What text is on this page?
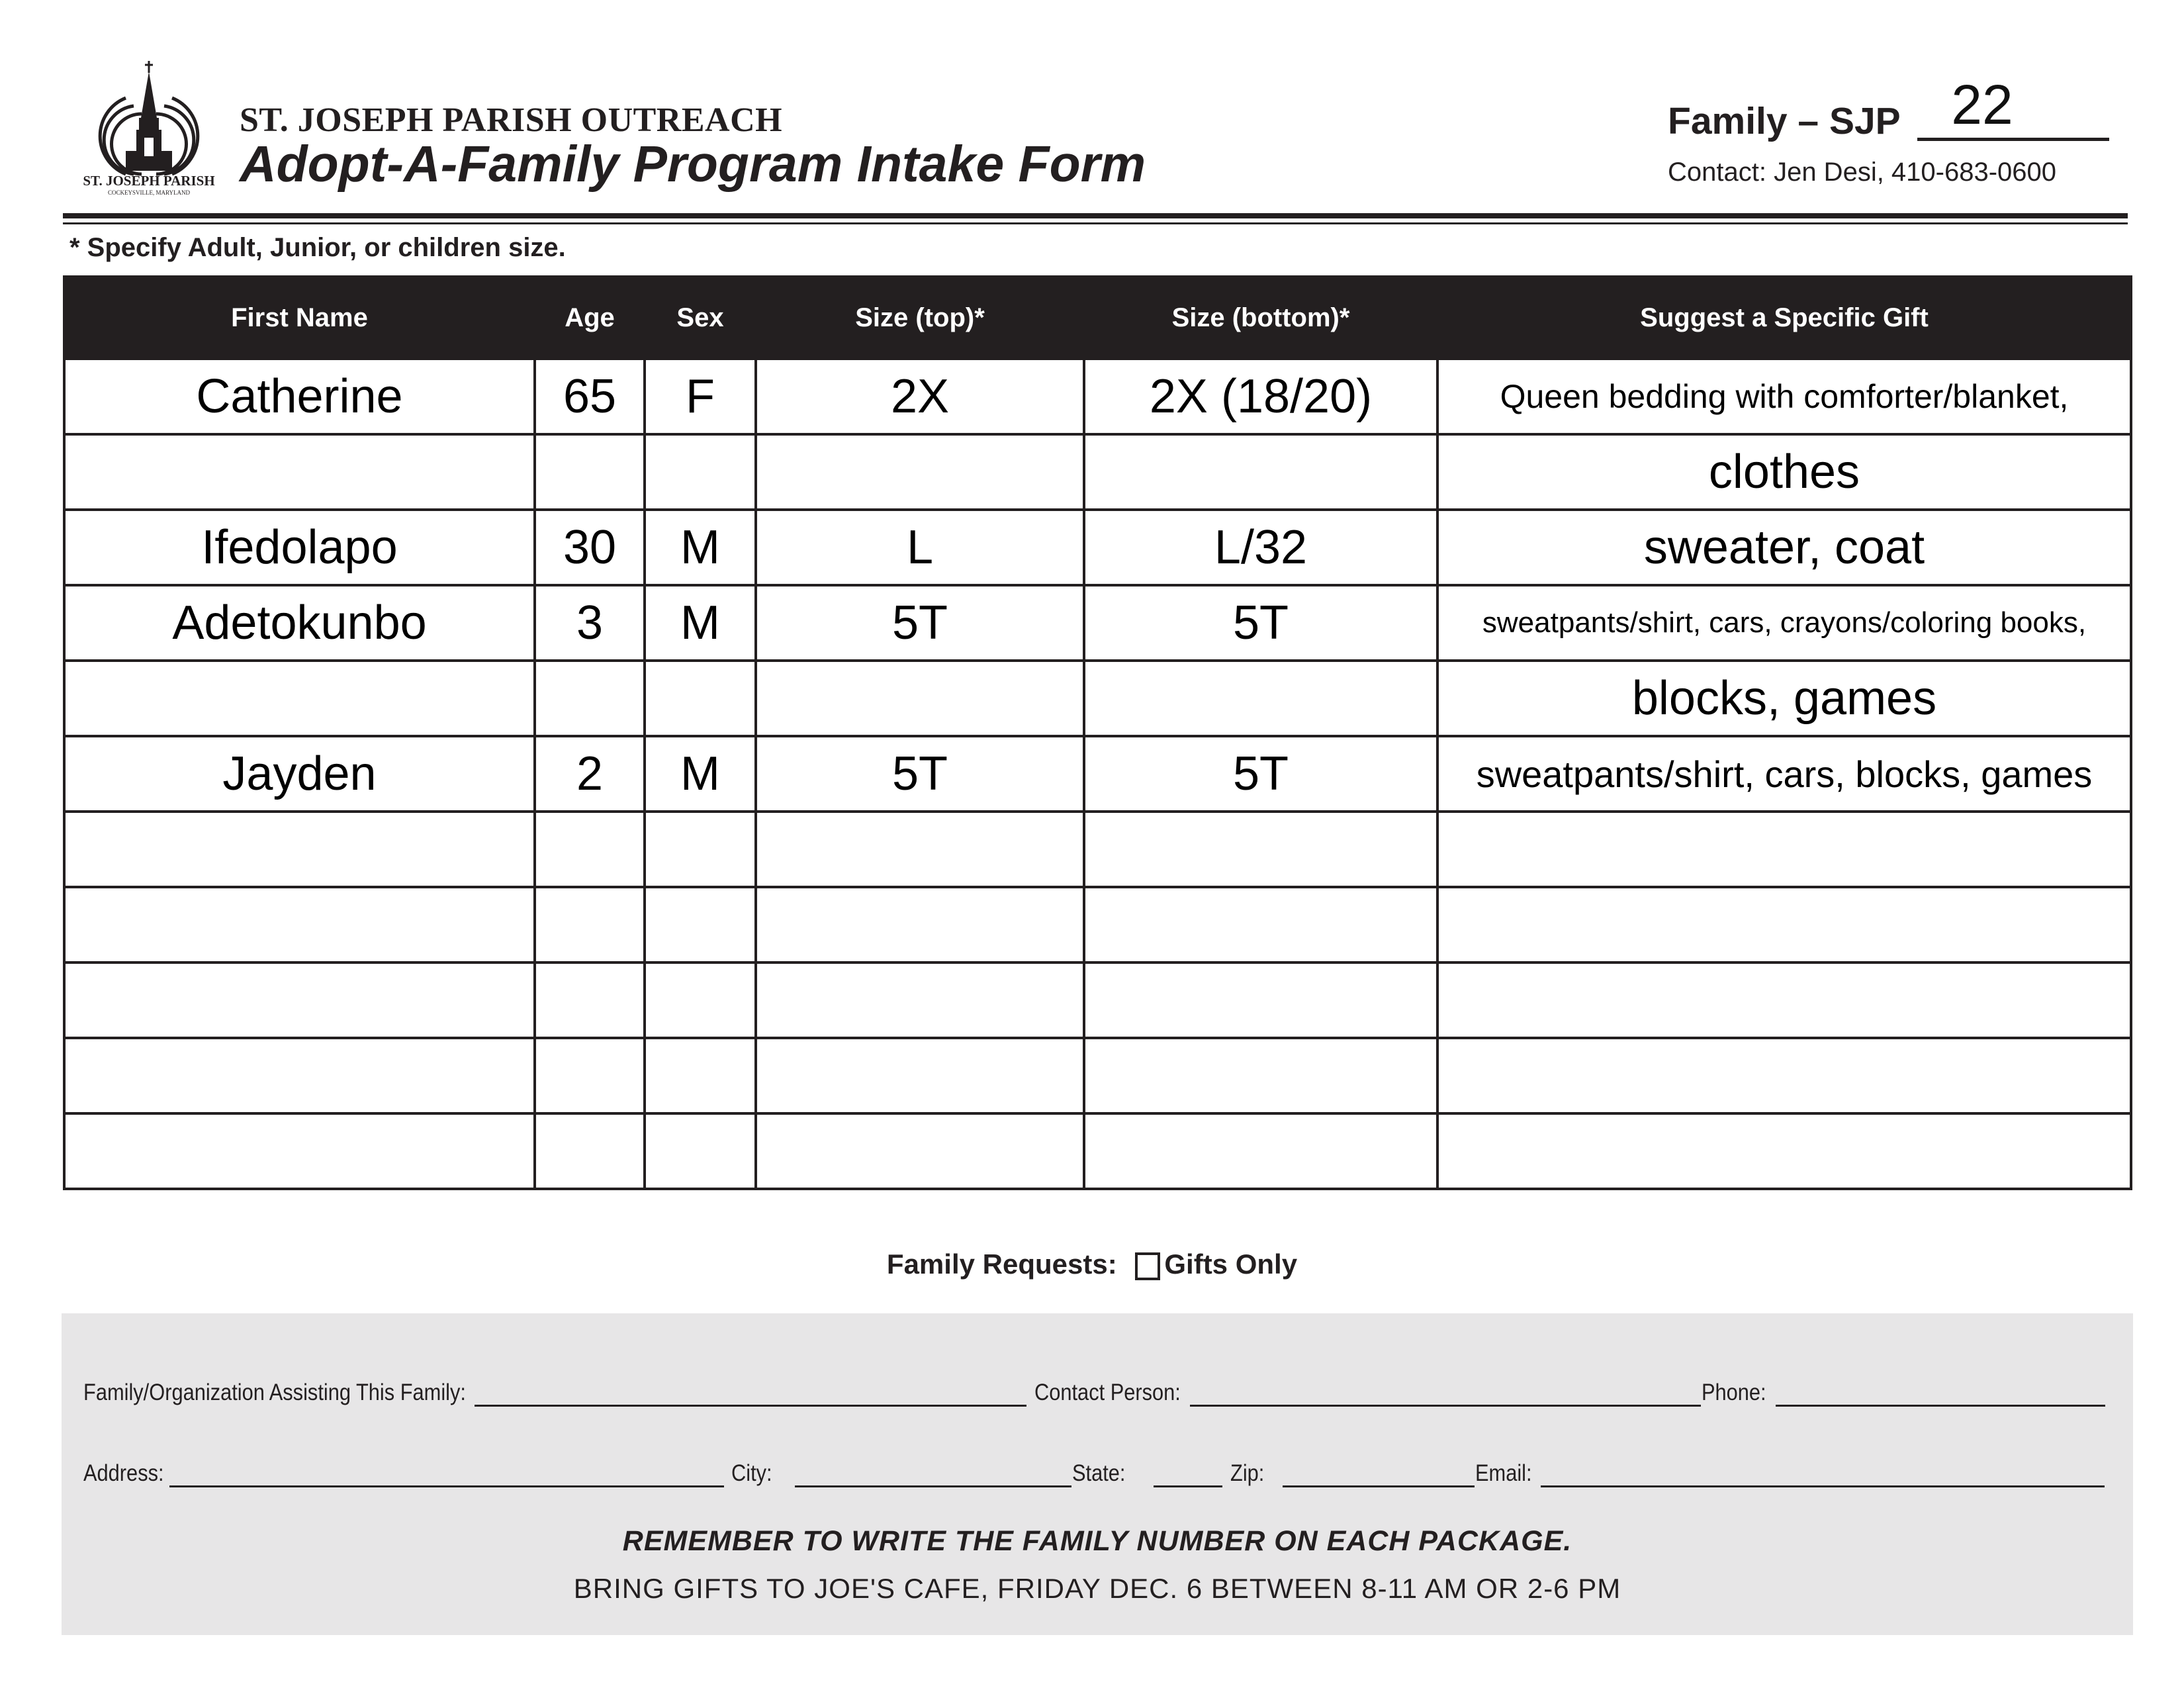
ST. JOSEPH PARISH
COCKEYSVILLE, MARYLAND
ST. JOSEPH PARISH OUTREACH
Adopt-A-Family Program Intake Form
Family – SJP 22
Contact: Jen Desi, 410-683-0600
* Specify Adult, Junior, or children size.
First Name	Age	Sex	Size (top)*	Size (bottom)*	Suggest a Specific Gift
Catherine	65	F	2X	2X (18/20)	Queen bedding with comforter/blanket,
					clothes
Ifedolapo	30	M	L	L/32	sweater, coat
Adetokunbo	3	M	5T	5T	sweatpants/shirt, cars, crayons/coloring books,
					blocks, games
Jayden	2	M	5T	5T	sweatpants/shirt, cars, blocks, games

Family Requests: Gifts Only
Family/Organization Assisting This Family:	Contact Person:	Phone:
Address:	City:	State:	Zip:	Email:
REMEMBER TO WRITE THE FAMILY NUMBER ON EACH PACKAGE.
BRING GIFTS TO JOE'S CAFE, FRIDAY DEC. 6 BETWEEN 8-11 AM OR 2-6 PM
